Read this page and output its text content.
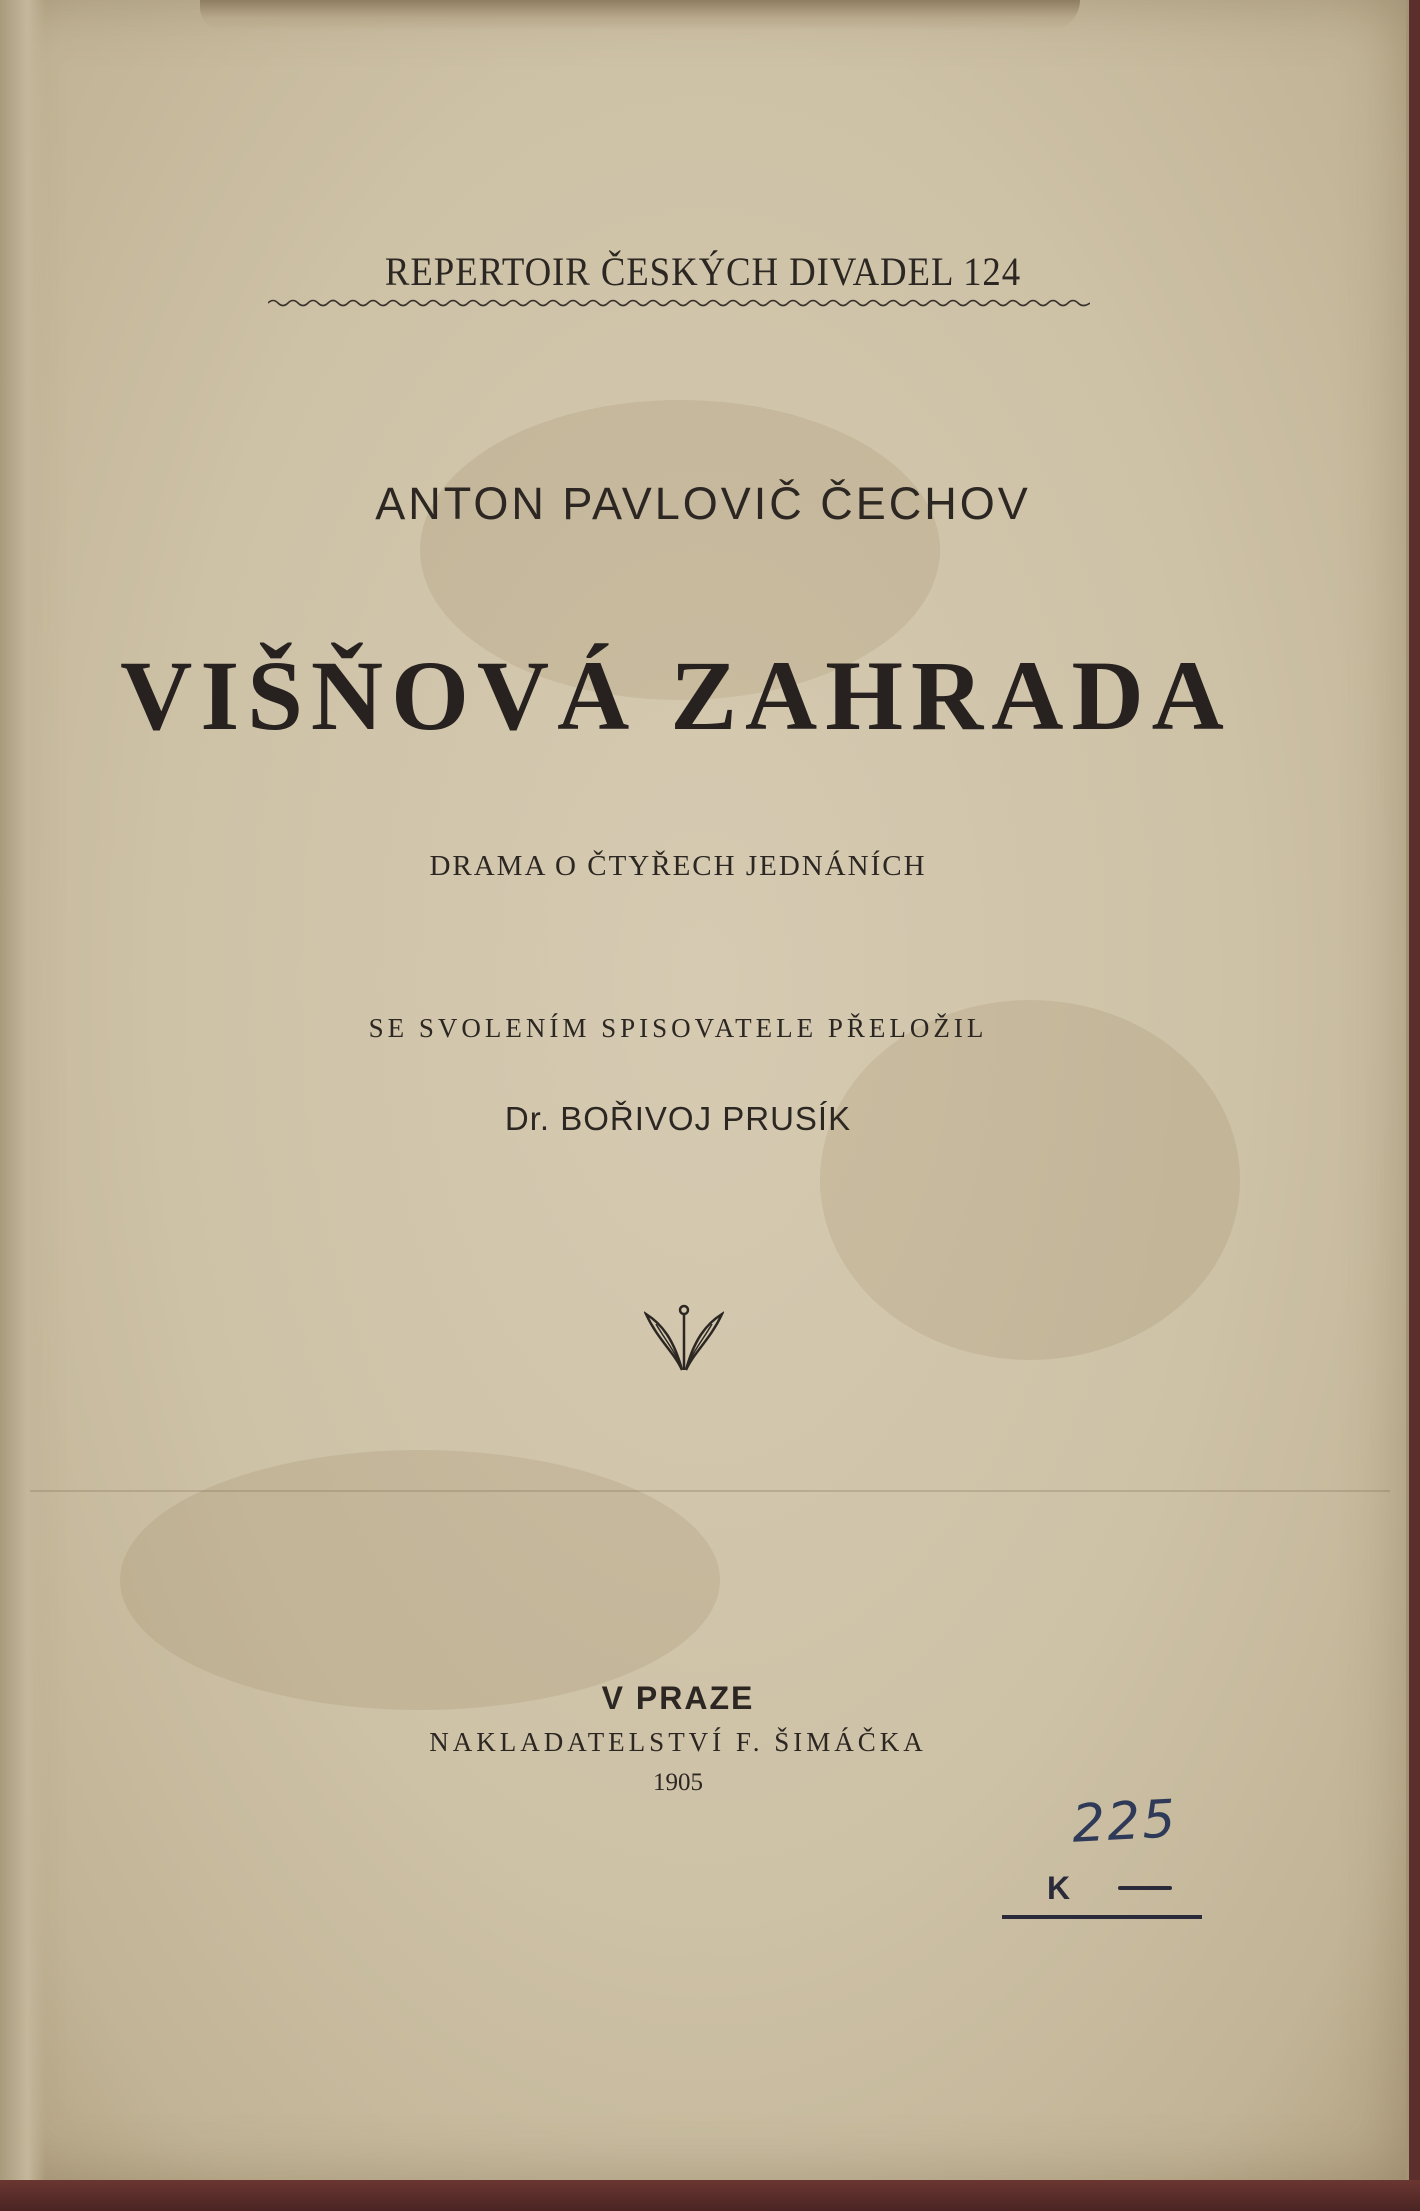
REPERTOIR ČESKÝCH DIVADEL 124
ANTON PAVLOVIČ ČECHOV
VIŠŇOVÁ ZAHRADA
DRAMA O ČTYŘECH JEDNÁNÍCH
SE SVOLENÍM SPISOVATELE PŘELOŽIL
Dr. BOŘIVOJ PRUSÍK
V PRAZE
NAKLADATELSTVÍ F. ŠIMÁČKA
1905
225
K
